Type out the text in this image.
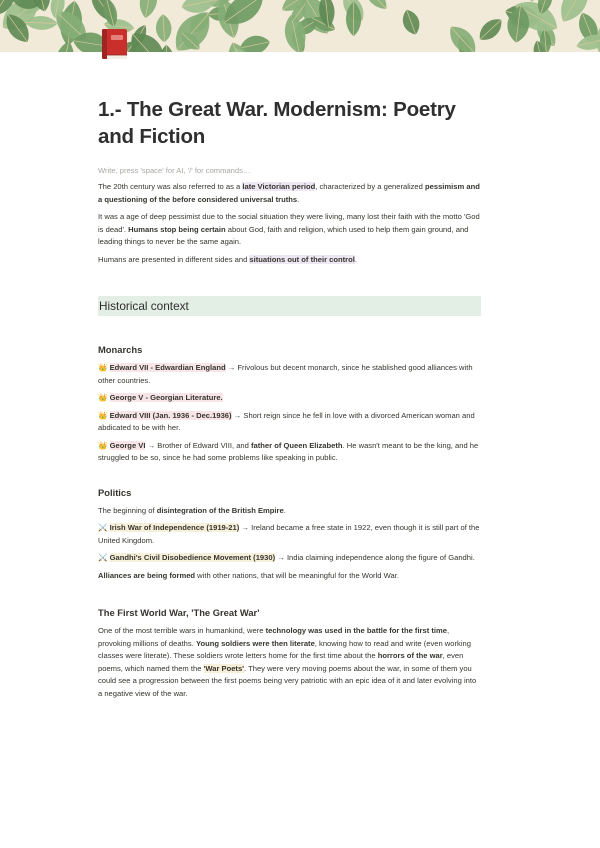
1.- The Great War. Modernism: Poetry and Fiction
Write, press 'space' for AI, '/' for commands…

The 20th century was also referred to as a late Victorian period, characterized by a generalized pessimism and a questioning of the before considered universal truths.

It was a age of deep pessimist due to the social situation they were living, many lost their faith with the motto 'God is dead'. Humans stop being certain about God, faith and religion, which used to help them gain ground, and leading things to never be the same again.

Humans are presented in different sides and situations out of their control.

Historical context
Monarchs

👑 Edward VII - Edwardian England → Frivolous but decent monarch, since he stablished good alliances with other countries.

👑 George V - Georgian Literature.

👑 Edward VIII (Jan. 1936 - Dec.1936) → Short reign since he fell in love with a divorced American woman and abdicated to be with her.

👑 George VI → Brother of Edward VIII, and father of Queen Elizabeth. He wasn't meant to be the king, and he struggled to be so, since he had some problems like speaking in public.

Politics

The beginning of disintegration of the British Empire.

⚔️ Irish War of Independence (1919-21) → Ireland became a free state in 1922, even though it is still part of the United Kingdom.

⚔️ Gandhi's Civil Disobedience Movement (1930) → India claiming independence along the figure of Gandhi.

Alliances are being formed with other nations, that will be meaningful for the World War.

The First World War, 'The Great War'

One of the most terrible wars in humankind, were technology was used in the battle for the first time, provoking millions of deaths. Young soldiers were then literate, knowing how to read and write (even working classes were literate). These soldiers wrote letters home for the first time about the horrors of the war, even poems, which named them the 'War Poets'. They were very moving poems about the war, in some of them you could see a progression between the first poems being very patriotic with an epic idea of it and later evolving into a negative view of the war.
